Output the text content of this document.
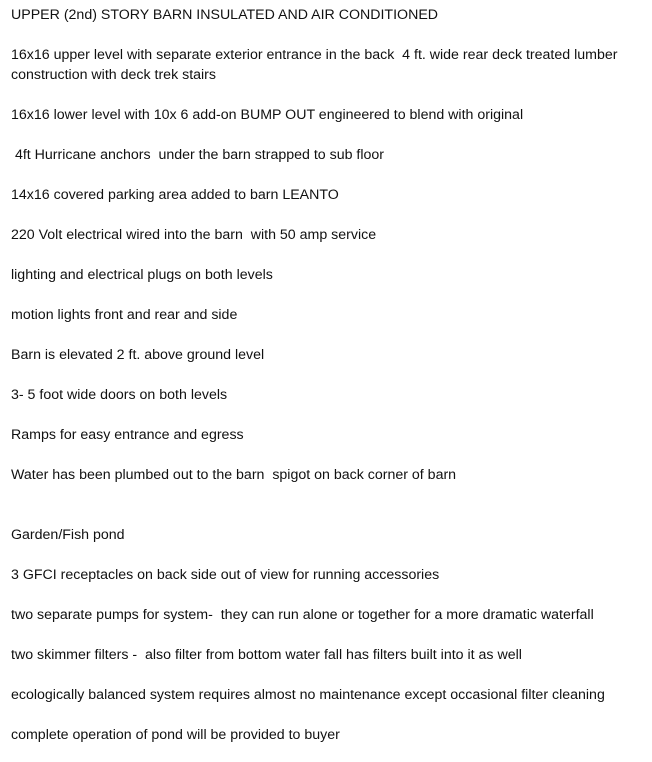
UPPER (2nd) STORY BARN INSULATED AND AIR CONDITIONED
16x16 upper level with separate exterior entrance in the back  4 ft. wide rear deck treated lumber construction with deck trek stairs
16x16 lower level with 10x 6 add-on BUMP OUT engineered to blend with original
4ft Hurricane anchors  under the barn strapped to sub floor
14x16 covered parking area added to barn LEANTO
220 Volt electrical wired into the barn  with 50 amp service
lighting and electrical plugs on both levels
motion lights front and rear and side
Barn is elevated 2 ft. above ground level
3- 5 foot wide doors on both levels
Ramps for easy entrance and egress
Water has been plumbed out to the barn  spigot on back corner of barn
Garden/Fish pond
3 GFCI receptacles on back side out of view for running accessories
two separate pumps for system-  they can run alone or together for a more dramatic waterfall
two skimmer filters -  also filter from bottom water fall has filters built into it as well
ecologically balanced system requires almost no maintenance except occasional filter cleaning
complete operation of pond will be provided to buyer
